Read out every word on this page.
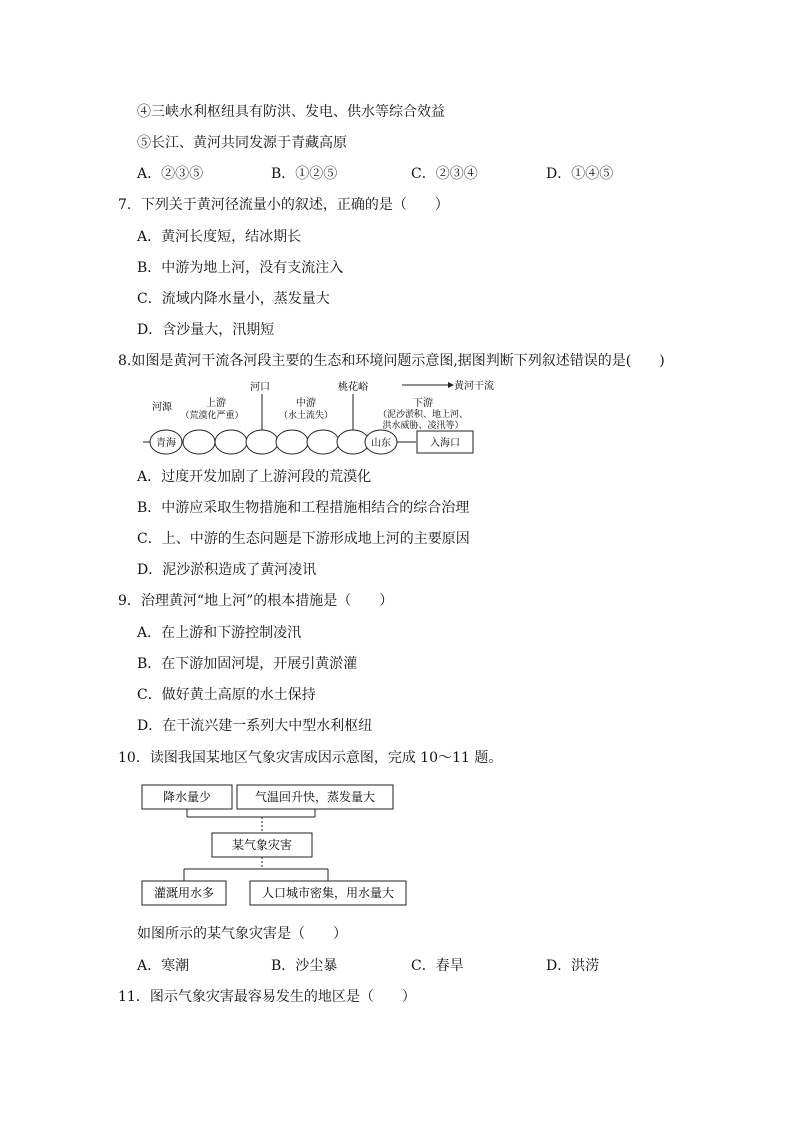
④三峡水利枢纽具有防洪、发电、供水等综合效益
⑤长江、黄河共同发源于青藏高原
A．②③⑤	B．①②⑤	C．②③④	D．①④⑤
7．下列关于黄河径流量小的叙述，正确的是（　　）
A．黄河长度短，结冰期长
B．中游为地上河，没有支流注入
C．流域内降水量小，蒸发量大
D．含沙量大，汛期短
8.如图是黄河干流各河段主要的生态和环境问题示意图,据图判断下列叙述错误的是(　　)
河源
河口	桃花峪	黄河干流
上游
（荒漠化严重）
中游
（水土流失）
下游
（泥沙淤积、地上河、
洪水威胁、凌汛等）
青海	山东	入海口
A．过度开发加剧了上游河段的荒漠化
B．中游应采取生物措施和工程措施相结合的综合治理
C．上、中游的生态问题是下游形成地上河的主要原因
D．泥沙淤积造成了黄河凌讯
9．治理黄河“地上河”的根本措施是（　　）
A．在上游和下游控制凌汛
B．在下游加固河堤，开展引黄淤灌
C．做好黄土高原的水土保持
D．在干流兴建一系列大中型水利枢纽
10．读图我国某地区气象灾害成因示意图，完成 10～11 题。
降水量少	气温回升快，蒸发量大
某气象灾害
灌溉用水多	人口城市密集，用水量大
如图所示的某气象灾害是（　　）
A．寒潮	B．沙尘暴	C．春旱	D．洪涝
11．图示气象灾害最容易发生的地区是（　　）
